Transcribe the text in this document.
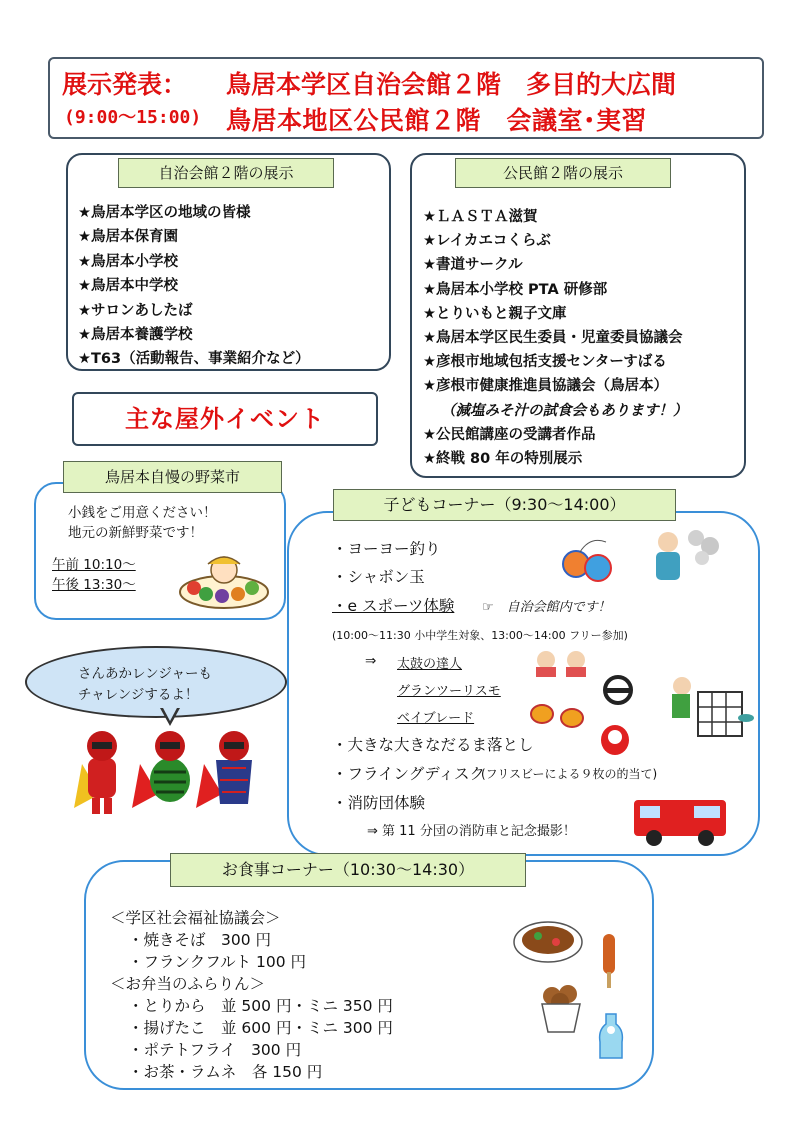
展示発表： 鳥居本学区自治会館２階　多目的大広間
(9:00～15:00) 鳥居本地区公民館２階　会議室･実習
自治会館２階の展示
★鳥居本学区の地域の皆様
★鳥居本保育園
★鳥居本小学校
★鳥居本中学校
★サロンあしたば
★鳥居本養護学校
★T63（活動報告、事業紹介など）
公民館２階の展示
★ＬＡＳＴＡ滋賀
★レイカエコくらぶ
★書道サークル
★鳥居本小学校 PTA 研修部
★とりいもと親子文庫
★鳥居本学区民生委員・児童委員協議会
★彦根市地域包括支援センターすばる
★彦根市健康推進員協議会（鳥居本）
（減塩みそ汁の試食会もあります！）
★公民館講座の受講者作品
★終戦 80 年の特別展示
主な屋外イベント
鳥居本自慢の野菜市
小銭をご用意ください！
地元の新鮮野菜です！
午前 10:10～
午後 13:30～
さんあかレンジャーも
チャレンジするよ！
子どもコーナー（9:30～14:00）
・ヨーヨー釣り
・シャボン玉
・e スポーツ体験 ☞　自治会館内です！
(10:00～11:30 小中学生対象、13:00～14:00 フリー参加)
⇒ 太鼓の達人
グランツーリスモ
ベイブレード
・大きな大きなだるま落とし
・フライングディスク
(フリスビーによる９枚の的当て)
・消防団体験
⇒ 第 11 分団の消防車と記念撮影！
お食事コーナー（10:30～14:30）
＜学区社会福祉協議会＞
・焼きそば　300 円
・フランクフルト 100 円
＜お弁当のふらりん＞
・とりから　並 500 円・ミニ 350 円
・揚げたこ　並 600 円・ミニ 300 円
・ポテトフライ　300 円
・お茶・ラムネ　各 150 円
